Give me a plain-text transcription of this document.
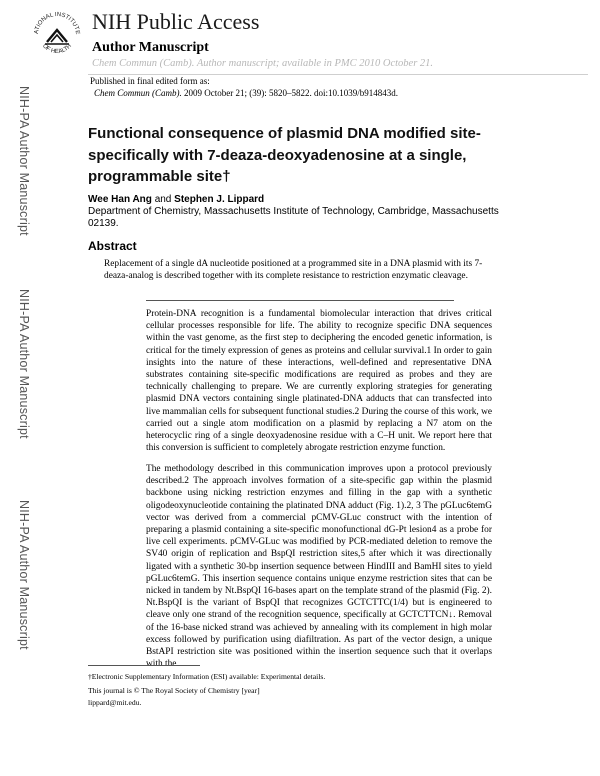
ATIONAL INSTITUTE
OF HEALTH
NIH Public Access
Author Manuscript
Chem Commun (Camb). Author manuscript; available in PMC 2010 October 21.
Published in final edited form as:
Chem Commun (Camb). 2009 October 21; (39): 5820–5822. doi:10.1039/b914843d.
NIH-PA Author Manuscript
NIH-PA Author Manuscript
NIH-PA Author Manuscript
Functional consequence of plasmid DNA modified site-specifically with 7-deaza-deoxyadenosine at a single, programmable site†
Wee Han Ang and Stephen J. Lippard
Department of Chemistry, Massachusetts Institute of Technology, Cambridge, Massachusetts 02139.
Abstract
Replacement of a single dA nucleotide positioned at a programmed site in a DNA plasmid with its 7-deaza-analog is described together with its complete resistance to restriction enzymatic cleavage.
Protein-DNA recognition is a fundamental biomolecular interaction that drives critical cellular processes responsible for life. The ability to recognize specific DNA sequences within the vast genome, as the first step to deciphering the encoded genetic information, is critical for the timely expression of genes as proteins and cellular survival.1 In order to gain insights into the nature of these interactions, well-defined and representative DNA substrates containing site-specific modifications are required as probes and they are technically challenging to prepare. We are currently exploring strategies for generating plasmid DNA vectors containing single platinated-DNA adducts that can transfected into live mammalian cells for subsequent functional studies.2 During the course of this work, we carried out a single atom modification on a plasmid by replacing a N7 atom on the heterocyclic ring of a single deoxyadenosine residue with a C–H unit. We report here that this conversion is sufficient to completely abrogate restriction enzyme function.
The methodology described in this communication improves upon a protocol previously described.2 The approach involves formation of a site-specific gap within the plasmid backbone using nicking restriction enzymes and filling in the gap with a synthetic oligodeoxynucleotide containing the platinated DNA adduct (Fig. 1).2, 3 The pGLuc6temG vector was derived from a commercial pCMV-GLuc construct with the intention of preparing a plasmid containing a site-specific monofunctional dG-Pt lesion4 as a probe for live cell experiments. pCMV-GLuc was modified by PCR-mediated deletion to remove the SV40 origin of replication and BspQI restriction sites,5 after which it was directionally ligated with a synthetic 30-bp insertion sequence between HindIII and BamHI sites to yield pGLuc6temG. This insertion sequence contains unique enzyme restriction sites that can be nicked in tandem by Nt.BspQI 16-bases apart on the template strand of the plasmid (Fig. 2). Nt.BspQI is the variant of BspQI that recognizes GCTCTTC(1/4) but is engineered to cleave only one strand of the recognition sequence, specifically at GCTCTTCN↓. Removal of the 16-base nicked strand was achieved by annealing with its complement in high molar excess followed by purification using diafiltration. As part of the vector design, a unique BstAPI restriction site was positioned within the insertion sequence such that it overlaps
†Electronic Supplementary Information (ESI) available: Experimental details.
This journal is © The Royal Society of Chemistry [year]
lippard@mit.edu.
